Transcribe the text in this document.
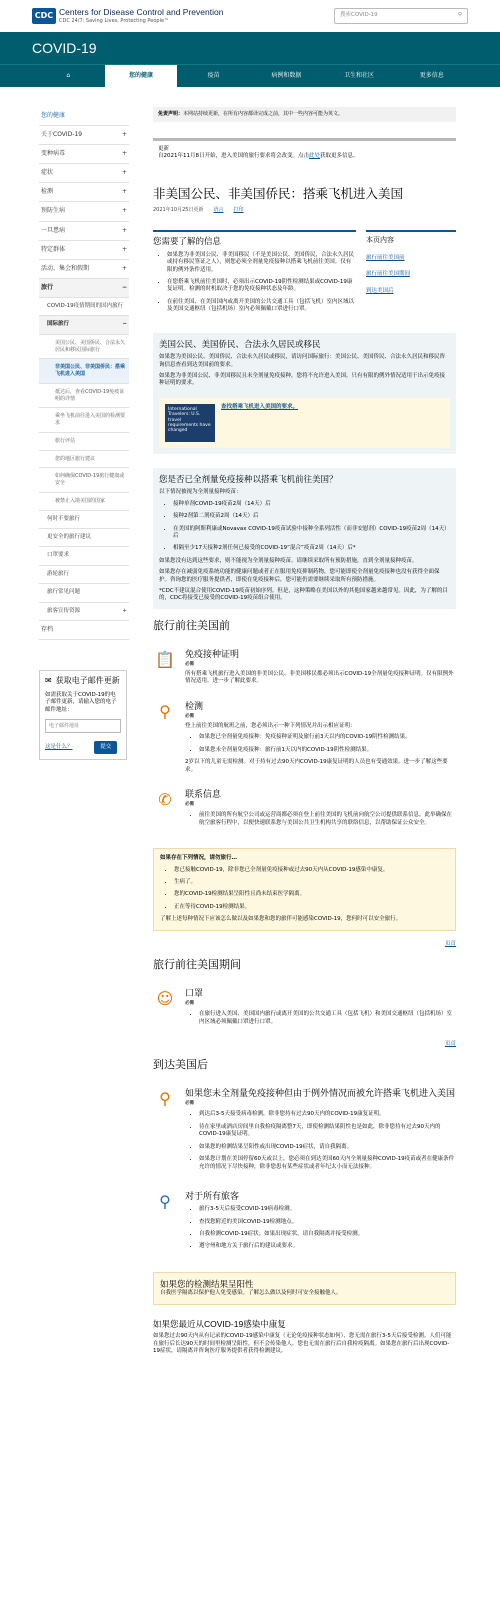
CDC Centers for Disease Control and Prevention
CDC 24/7: Saving Lives, Protecting People™
搜索COVID-19	⚲
COVID-19
⌂	您的健康	疫苗	病例和数据	卫生和社区	更多信息
您的健康
关于COVID-19	+
变种病毒	+
症状	+
检测	+
预防生病	+
一旦患病	+
特定群体	+
活动、集会和假期	+
旅行	−
COVID-19疫情期间的国内旅行
国际旅行	−
美国公民、美国侨民、合法永久居民和移民国际旅行
非美国公民、非美国侨民：搭乘飞机进入美国
抵达后，查看COVID-19免疫证明的详情
乘坐飞机前往进入美国的检测要求
旅行评估
您的地区旅行建议
如何确保COVID-19旅行健康或安全
被禁止入境美国的国家
何时不要旅行
更安全的旅行建议
口罩要求
游轮旅行
旅行常见问题
旅客宣传资源	+
存档
✉ 获取电子邮件更新
如需获取关于COVID-19的电子邮件更新，请输入您的电子邮件地址：
电子邮件地址 这是什么？	提交
免责声明：本网站持续更新，在所有内容都译完成之前，其中一些内容可能为英文。
更新
自2021年11月8日开始，进入美国的旅行要求将会改变。点击此处获取更多信息。
非美国公民、非美国侨民：搭乘飞机进入美国
2021年10月25日更新 语言 打印
您需要了解的信息
• 如果您为非美国公民、非美国移民（不是美国公民、美国侨民，合法永久居民或持有移民签证之人），则您必须全剂量免疫接种以搭乘飞机前往美国。仅有限的例外条件适用。
• 在您搭乘飞机前往美国时，必须出示COVID-19阴性检测结果或COVID-19康复证明。检测的时机取决于您的免疫接种状态及年龄。
• 在前往美国、在美国国内或离开美国的公共交通工具（包括飞机）室内区域以及美国交通枢纽（包括机场）室内必须佩戴口罩进行口罩。
本页内容
旅行前往美国前
旅行前往美国期间
到达美国后
美国公民、美国侨民、合法永久居民或移民

如果您为美国公民、美国侨民、合法永久居民或移民，请访问国际旅行：美国公民、美国侨民、合法永久居民和移民咨询信息查看到达美国前的要求。

如果您为非美国公民、非美国移民且未全剂量免疫接种，您将不允许进入美国。只有有限的例外情况适用于出示免疫接种证明的要求。

International Travelers: U.S. travel requirements have changed
查找搭乘飞机进入美国的要求。
您是否已全剂量免疫接种以搭乘飞机前往美国？

以下情况被视为全剂量接种疫苗：

• 接种单剂COVID-19疫苗2周（14天）后
• 接种2剂第二剂疫苗2周（14天）后
• 在美国的阿斯利康或Novavax COVID-19疫苗试验中接种全系列活性（而非安慰剂）COVID-19疫苗2周（14天）后
• 相隔至少17天接种2剂任何已接受的COVID-19“混合”疫苗2周（14天）后*

如果您没有达到这些要求，则不能视为全剂量接种疫苗。请继续采取所有预防措施，直到全剂量接种疫苗。

如果您存在减弱免疫系统功能的健康问题或者正在服用免疫抑制药物，您可能即使全剂量免疫接种也没有获得全面保护。咨询您的医疗服务提供者，即使在免疫接种后，您可能仍需要继续采取所有预防措施。

*CDC不建议混合使用COVID-19疫苗初始序列。但是，这种策略在美国以外的其他国家越来越常见。因此，为了解的目的，CDC将接受已接受的COVID-19疫苗组合使用。

旅行前往美国前
📋 免疫接种证明
必需

所有搭乘飞机旅行进入美国的非美国公民、非美国移民都必须出示COVID-19全剂量免疫接种证明。仅有限例外情况适用。进一步了解此要求。

⚲	检测
必需

登上前往美国的航班之前，您必须出示一种下列情况并出示相应证明：

• 如果您已全剂量免疫接种：免疫接种证明及旅行前3天以内的COVID-19阴性检测结果。
• 如果您未全剂量免疫接种：旅行前1天以内的COVID-19阴性检测结果。

2岁以下的儿童无需检测。对于持有过去90天内COVID-19康复证明的人员也有受通效果。进一步了解这些要求。

✆	联系信息
必需
• 前往美国的所有航空公司或运营商都必须在登上前往美国的飞机前向航空公司提供联系信息。此举确保在航空旅客行程中，以便快速联系您与美国公共卫生机构共享的联络信息，以帮助保证公众安全。
如果存在下列情况，请勿旅行…
• 您已接触COVID-19，除非您已全剂量免疫接种或过去90天内从COVID-19感染中康复。
• 生病了。
• 您的COVID-19检测结果呈阳性且尚未结束医学隔离。
• 正在等待COVID-19检测结果。

了解上述每种情况下应该怎么做以及如果您和您的旅伴可能感染COVID-19，您何时可以安全旅行。

页首
旅行前往美国期间
☺	口罩
必需
• 在旅行进入美国、美国国内旅行或离开美国的公共交通工具（包括飞机）和美国交通枢纽（包括机场）室内区域必须佩戴口罩进行口罩。
页首
到达美国后
⚲	如果您未全剂量免疫接种但由于例外情况而被允许搭乘飞机进入美国
必需
• 到达后3-5天接受病毒检测，除非您持有过去90天内的COVID-19康复证明。
• 待在家里或酒店房间里自我检疫隔离整7天，即使检测结果阴性也是如此，除非您持有过去90天内的COVID-19康复证明。
• 如果您的检测结果呈阳性或出现COVID-19症状，请自我隔离。
• 如果您计划在美国停留60天或以上，您必须在到达美国60天内全剂量接种COVID-19疫苗或者在健康条件允许的情况下尽快接种，除非您患有某些症状或者年纪太小而无法接种。
⚲	对于所有旅客
• 旅行3-5天后接受COVID-19病毒检测。
• 查找您附近的美国COVID-19检测地点。
• 自我检测COVID-19症状；如果出现症状，请自我隔离并接受检测。
• 遵守州和地方关于旅行后的建议或要求。
如果您的检测结果呈阳性

自我医学隔离以保护他人免受感染。了解怎么做以及何时可安全接触他人。

如果您最近从COVID-19感染中康复

如果您过去90天内从有记录的COVID-19感染中康复（无论免疫接种状态如何），您无需在旅行3-5天后接受检测。人们可能在旅行后长达90天的时间里检测呈阳性，但不会传染他人。您也无需在旅行后自我检疫隔离。如果您在旅行后出现COVID-19症状，请隔离并咨询医疗服务提供者获得检测建议。
